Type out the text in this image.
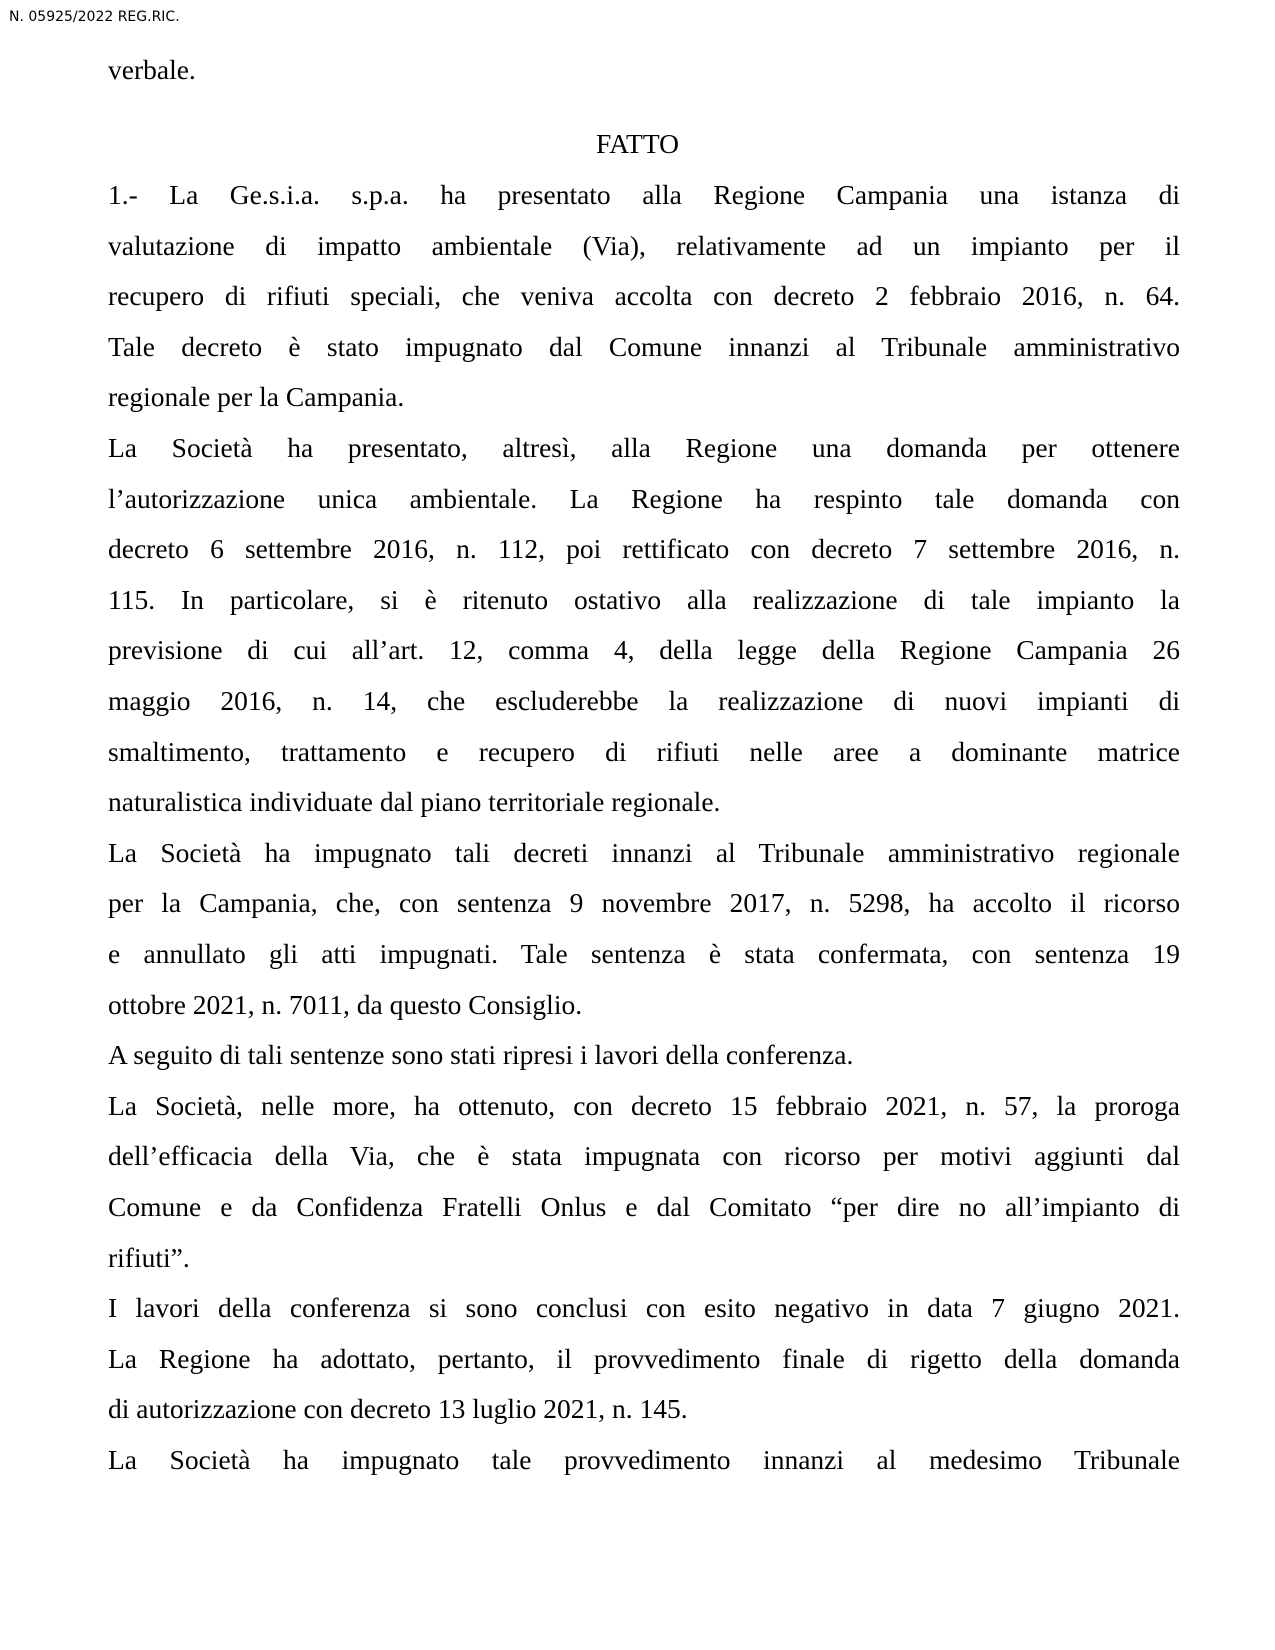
N. 05925/2022 REG.RIC.
verbale.
FATTO
1.- La Ge.s.i.a. s.p.a. ha presentato alla Regione Campania una istanza di
valutazione di impatto ambientale (Via), relativamente ad un impianto per il
recupero di rifiuti speciali, che veniva accolta con decreto 2 febbraio 2016, n. 64.
Tale decreto è stato impugnato dal Comune innanzi al Tribunale amministrativo
regionale per la Campania.
La Società ha presentato, altresì, alla Regione una domanda per ottenere
l’autorizzazione unica ambientale. La Regione ha respinto tale domanda con
decreto 6 settembre 2016, n. 112, poi rettificato con decreto 7 settembre 2016, n.
115. In particolare, si è ritenuto ostativo alla realizzazione di tale impianto la
previsione di cui all’art. 12, comma 4, della legge della Regione Campania 26
maggio 2016, n. 14, che escluderebbe la realizzazione di nuovi impianti di
smaltimento, trattamento e recupero di rifiuti nelle aree a dominante matrice
naturalistica individuate dal piano territoriale regionale.
La Società ha impugnato tali decreti innanzi al Tribunale amministrativo regionale
per la Campania, che, con sentenza 9 novembre 2017, n. 5298, ha accolto il ricorso
e annullato gli atti impugnati. Tale sentenza è stata confermata, con sentenza 19
ottobre 2021, n. 7011, da questo Consiglio.
A seguito di tali sentenze sono stati ripresi i lavori della conferenza.
La Società, nelle more, ha ottenuto, con decreto 15 febbraio 2021, n. 57, la proroga
dell’efficacia della Via, che è stata impugnata con ricorso per motivi aggiunti dal
Comune e da Confidenza Fratelli Onlus e dal Comitato “per dire no all’impianto di
rifiuti”.
I lavori della conferenza si sono conclusi con esito negativo in data 7 giugno 2021.
La Regione ha adottato, pertanto, il provvedimento finale di rigetto della domanda
di autorizzazione con decreto 13 luglio 2021, n. 145.
La Società ha impugnato tale provvedimento innanzi al medesimo Tribunale
